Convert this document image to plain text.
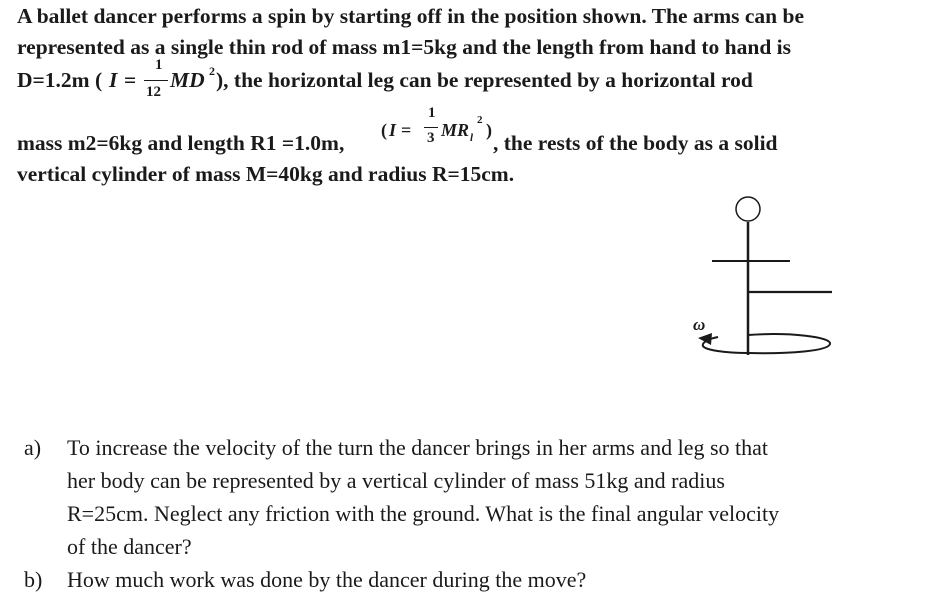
A ballet dancer performs a spin by starting off in the position shown. The arms can be
represented as a single thin rod of mass m1=5kg and the length from hand to hand is
D=1.2m ( I =
1
12 MD 2 ), the horizontal leg can be represented by a horizontal rod
mass m2=6kg and length R1 =1.0m,
( I =
1
3 MR l
2 )
, the rests of the body as a solid
vertical cylinder of mass M=40kg and radius R=15cm.
ω
a) To increase the velocity of the turn the dancer brings in her arms and leg so that
her body can be represented by a vertical cylinder of mass 51kg and radius
R=25cm. Neglect any friction with the ground. What is the final angular velocity
of the dancer?
b) How much work was done by the dancer during the move?
